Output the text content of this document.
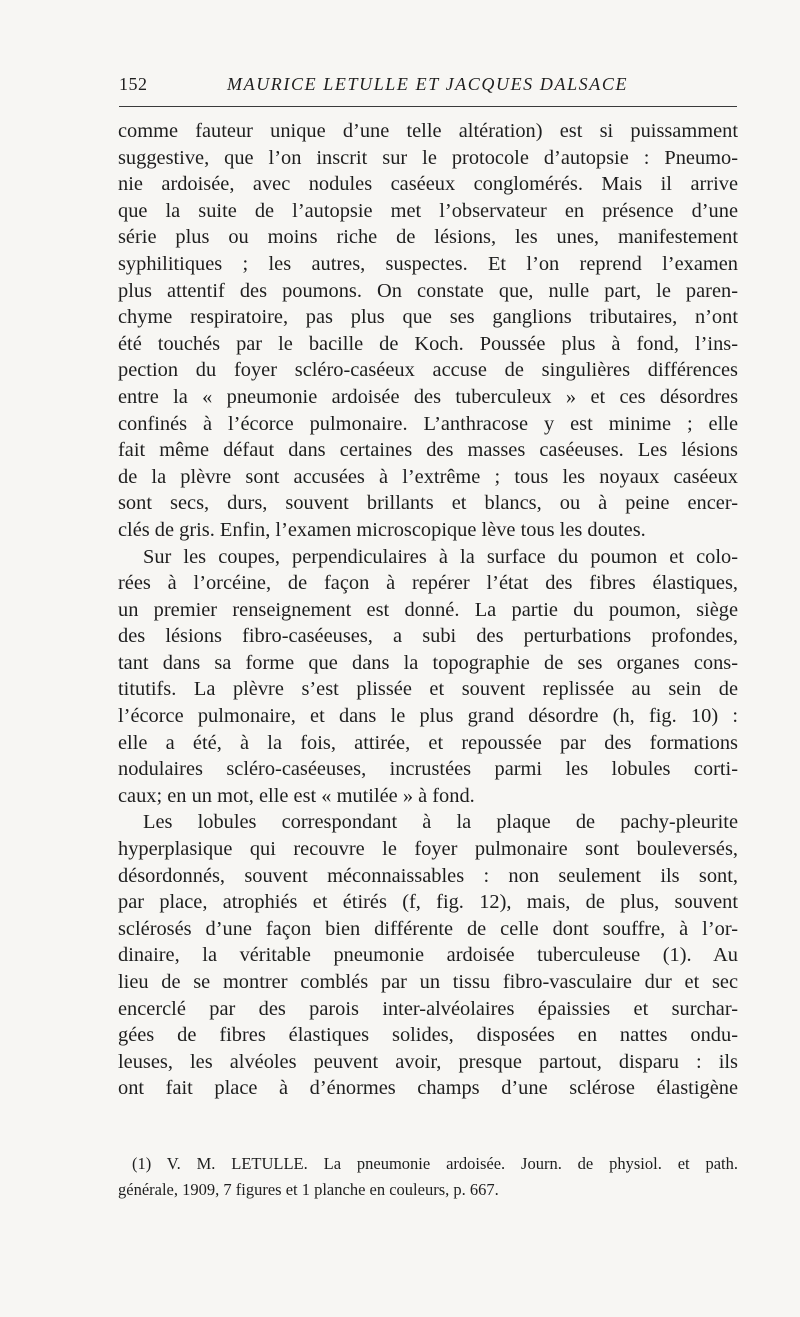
152	MAURICE LETULLE ET JACQUES DALSACE
comme fauteur unique d’une telle altération) est si puissamment
suggestive, que l’on inscrit sur le protocole d’autopsie : Pneumo-
nie ardoisée, avec nodules caséeux conglomérés. Mais il arrive
que la suite de l’autopsie met l’observateur en présence d’une
série plus ou moins riche de lésions, les unes, manifestement
syphilitiques ; les autres, suspectes. Et l’on reprend l’examen
plus attentif des poumons. On constate que, nulle part, le paren-
chyme respiratoire, pas plus que ses ganglions tributaires, n’ont
été touchés par le bacille de Koch. Poussée plus à fond, l’ins-
pection du foyer scléro-caséeux accuse de singulières différences
entre la « pneumonie ardoisée des tuberculeux » et ces désordres
confinés à l’écorce pulmonaire. L’anthracose y est minime ; elle
fait même défaut dans certaines des masses caséeuses. Les lésions
de la plèvre sont accusées à l’extrême ; tous les noyaux caséeux
sont secs, durs, souvent brillants et blancs, ou à peine encer-
clés de gris. Enfin, l’examen microscopique lève tous les doutes.
Sur les coupes, perpendiculaires à la surface du poumon et colo-
rées à l’orcéine, de façon à repérer l’état des fibres élastiques,
un premier renseignement est donné. La partie du poumon, siège
des lésions fibro-caséeuses, a subi des perturbations profondes,
tant dans sa forme que dans la topographie de ses organes cons-
titutifs. La plèvre s’est plissée et souvent replissée au sein de
l’écorce pulmonaire, et dans le plus grand désordre (h, fig. 10) :
elle a été, à la fois, attirée, et repoussée par des formations
nodulaires scléro-caséeuses, incrustées parmi les lobules corti-
caux; en un mot, elle est « mutilée » à fond.
Les lobules correspondant à la plaque de pachy-pleurite
hyperplasique qui recouvre le foyer pulmonaire sont bouleversés,
désordonnés, souvent méconnaissables : non seulement ils sont,
par place, atrophiés et étirés (f, fig. 12), mais, de plus, souvent
sclérosés d’une façon bien différente de celle dont souffre, à l’or-
dinaire, la véritable pneumonie ardoisée tuberculeuse (1). Au
lieu de se montrer comblés par un tissu fibro-vasculaire dur et sec
encerclé par des parois inter-alvéolaires épaissies et surchar-
gées de fibres élastiques solides, disposées en nattes ondu-
leuses, les alvéoles peuvent avoir, presque partout, disparu : ils
ont fait place à d’énormes champs d’une sclérose élastigène
(1) V. M. LETULLE. La pneumonie ardoisée. Journ. de physiol. et path.
générale, 1909, 7 figures et 1 planche en couleurs, p. 667.
